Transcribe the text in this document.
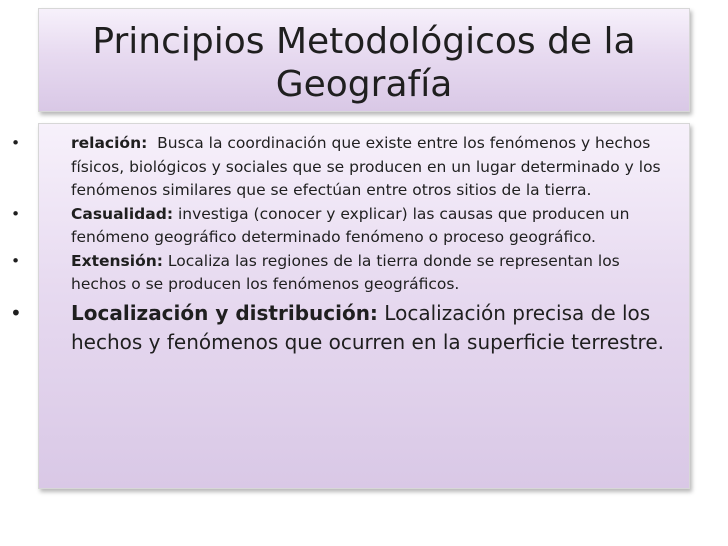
Principios Metodológicos de la
Geografía
•	relación: Busca la coordinación que existe entre los fenómenos y hechos físicos, biológicos y sociales que se producen en un lugar determinado y los fenómenos similares que se efectúan entre otros sitios de la tierra.
•	Casualidad: investiga (conocer y explicar) las causas que producen un fenómeno geográfico determinado fenómeno o proceso geográfico.
•	Extensión: Localiza las regiones de la tierra donde se representan los hechos o se producen los fenómenos geográficos.
• Localización y distribución: Localización precisa de los hechos y fenómenos que ocurren en la superficie terrestre.
